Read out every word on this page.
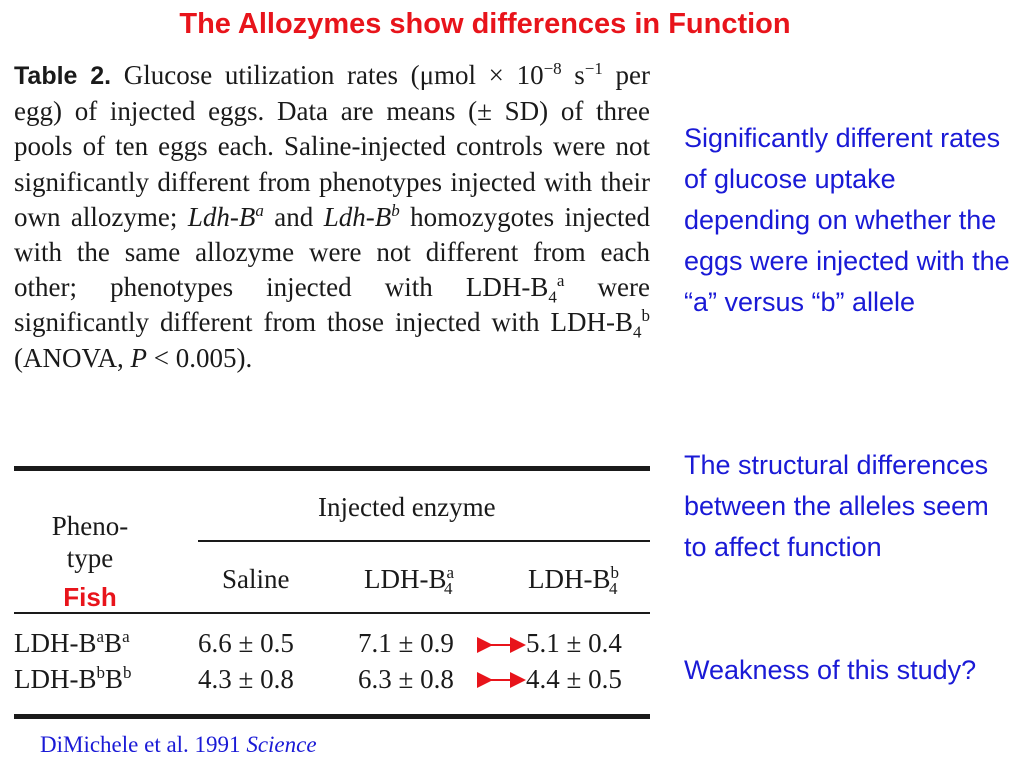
The Allozymes show differences in Function
Table 2. Glucose utilization rates ($\mu mol \times 10^{-8}$ $s^{-1}$ per egg) of injected eggs. Data are means (± SD) of three pools of ten eggs each. Saline-injected controls were not significantly different from phenotypes injected with their own allozyme; Ldh-$B^a$ and Ldh-$B^b$ homozygotes injected with the same allozyme were not different from each other; phenotypes injected with LDH-$B_4^a$ were significantly different from those injected with LDH-$B_4^b$ (ANOVA, P < 0.005).
Pheno-
type
Fish
Injected enzyme
Saline	LDH-$B^a_4$	LDH-$B^b_4$
LDH-$B^aB^a$	6.6 ± 0.5 7.1 ± 0.9	5.1 ± 0.4
LDH-$B^bB^b$ 4.3 ± 0.8 6.3 ± 0.8	4.4 ± 0.5
Significantly different rates of glucose uptake depending on whether the eggs were injected with the “a” versus “b” allele
The structural differences between the alleles seem to affect function
Weakness of this study?
DiMichele et al. 1991 Science
